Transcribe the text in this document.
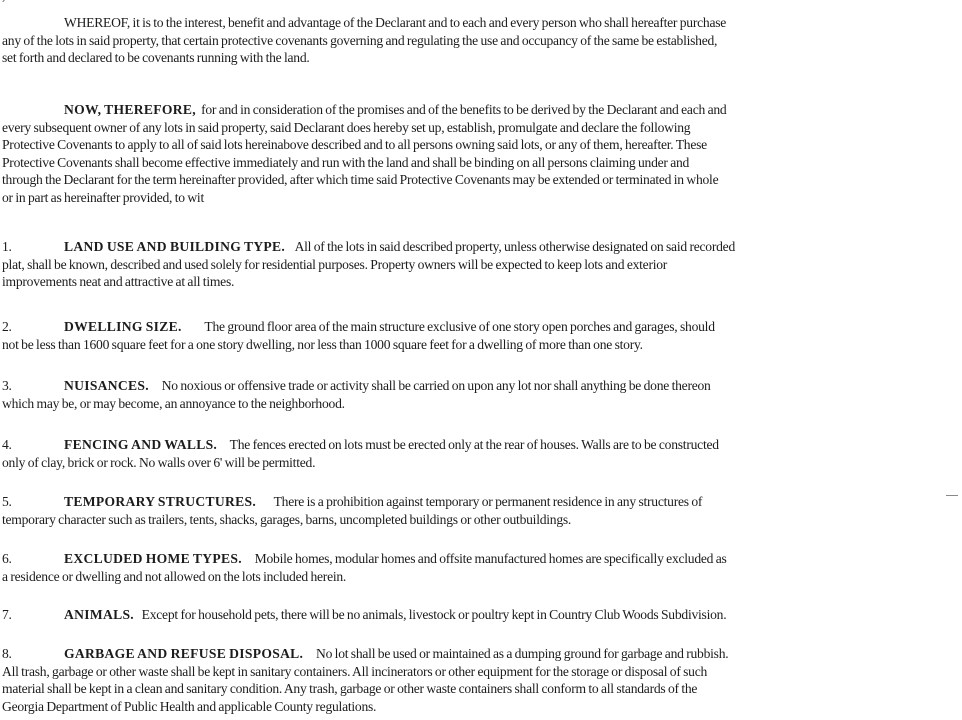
WHEREOF, it is to the interest, benefit and advantage of the Declarant and to each and every person who shall hereafter purchase
any of the lots in said property, that certain protective covenants governing and regulating the use and occupancy of the same be established,
set forth and declared to be covenants running with the land.
NOW, THEREFORE, for and in consideration of the promises and of the benefits to be derived by the Declarant and each and
every subsequent owner of any lots in said property, said Declarant does hereby set up, establish, promulgate and declare the following
Protective Covenants to apply to all of said lots hereinabove described and to all persons owning said lots, or any of them, hereafter. These
Protective Covenants shall become effective immediately and run with the land and shall be binding on all persons claiming under and
through the Declarant for the term hereinafter provided, after which time said Protective Covenants may be extended or terminated in whole
or in part as hereinafter provided, to wit
1.	LAND USE AND BUILDING TYPE. All of the lots in said described property, unless otherwise designated on said recorded
plat, shall be known, described and used solely for residential purposes. Property owners will be expected to keep lots and exterior
improvements neat and attractive at all times.
2.	DWELLING SIZE. The ground floor area of the main structure exclusive of one story open porches and garages, should
not be less than 1600 square feet for a one story dwelling, nor less than 1000 square feet for a dwelling of more than one story.
3.	NUISANCES. No noxious or offensive trade or activity shall be carried on upon any lot nor shall anything be done thereon
which may be, or may become, an annoyance to the neighborhood.
4.	FENCING AND WALLS. The fences erected on lots must be erected only at the rear of houses. Walls are to be constructed
only of clay, brick or rock. No walls over 6' will be permitted.
5.	TEMPORARY STRUCTURES. There is a prohibition against temporary or permanent residence in any structures of
temporary character such as trailers, tents, shacks, garages, barns, uncompleted buildings or other outbuildings.
6.	EXCLUDED HOME TYPES. Mobile homes, modular homes and offsite manufactured homes are specifically excluded as
a residence or dwelling and not allowed on the lots included herein.
7.	ANIMALS. Except for household pets, there will be no animals, livestock or poultry kept in Country Club Woods Subdivision.
8.	GARBAGE AND REFUSE DISPOSAL. No lot shall be used or maintained as a dumping ground for garbage and rubbish.
All trash, garbage or other waste shall be kept in sanitary containers. All incinerators or other equipment for the storage or disposal of such
material shall be kept in a clean and sanitary condition. Any trash, garbage or other waste containers shall conform to all standards of the
Georgia Department of Public Health and applicable County regulations.
